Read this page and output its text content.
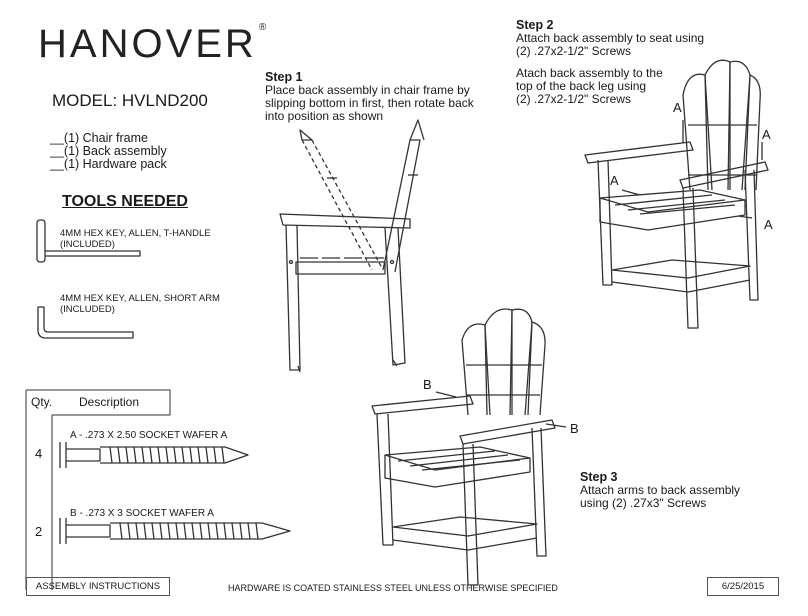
HANOVER ®
MODEL: HVLND200
__(1) Chair frame
__(1) Back assembly
__(1) Hardware pack
TOOLS NEEDED
4MM HEX KEY, ALLEN, T-HANDLE
(INCLUDED)
4MM HEX KEY, ALLEN, SHORT ARM
(INCLUDED)
Step 1
Place back assembly in chair frame by
slipping bottom in first, then rotate back
into position as shown
Step 2
Attach back assembly to seat using
(2) .27x2-1/2" Screws
Atach back assembly to the
top of the back leg using
(2) .27x2-1/2" Screws
Step 3
Attach arms to back assembly
using (2) .27x3" Screws
A
A
A
A
B
B
Qty. Description
4
A - .273 X 2.50 SOCKET WAFER A
2
B - .273 X 3 SOCKET WAFER A
ASSEMBLY INSTRUCTIONS	HARDWARE IS COATED STAINLESS STEEL UNLESS OTHERWISE SPECIFIED	6/25/2015
